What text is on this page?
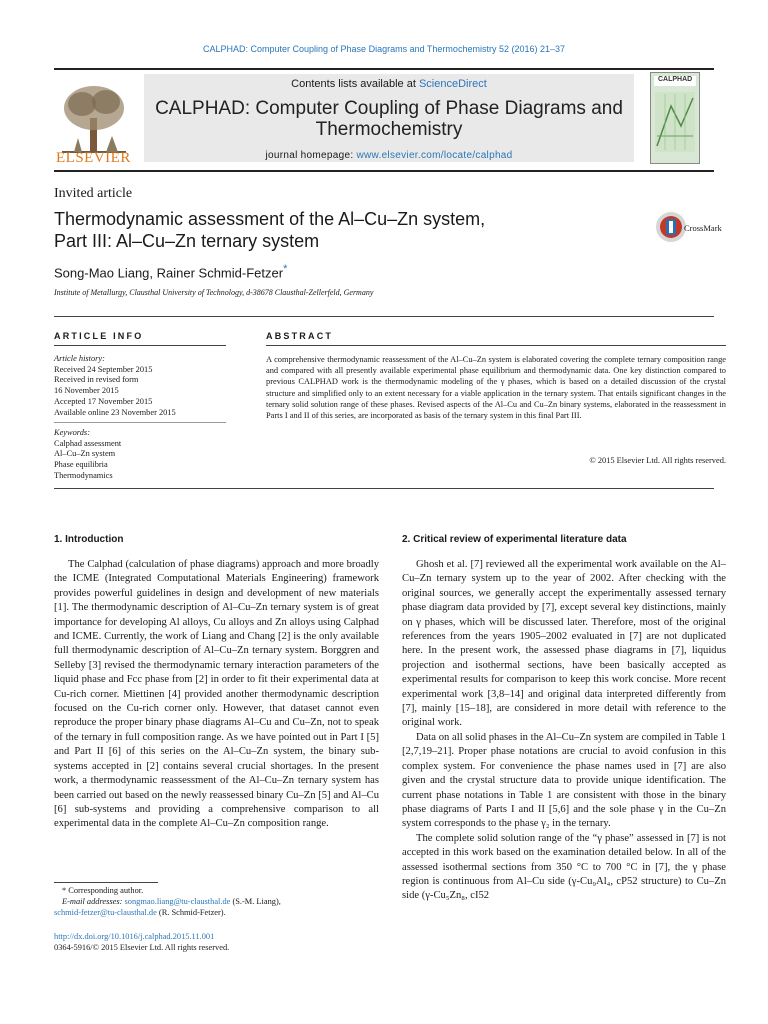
CALPHAD: Computer Coupling of Phase Diagrams and Thermochemistry 52 (2016) 21–37
ELSEVIER
Contents lists available at ScienceDirect
CALPHAD: Computer Coupling of Phase Diagrams and
Thermochemistry
journal homepage: www.elsevier.com/locate/calphad
CALPHAD
Invited article
Thermodynamic assessment of the Al–Cu–Zn system,
Part III: Al–Cu–Zn ternary system
CrossMark
Song-Mao Liang, Rainer Schmid-Fetzer*
Institute of Metallurgy, Clausthal University of Technology, d-38678 Clausthal-Zellerfeld, Germany
ARTICLE INFO
Article history:
Received 24 September 2015
Received in revised form
16 November 2015
Accepted 17 November 2015
Available online 23 November 2015
Keywords:
Calphad assessment
Al–Cu–Zn system
Phase equilibria
Thermodynamics
ABSTRACT
A comprehensive thermodynamic reassessment of the Al–Cu–Zn system is elaborated covering the complete ternary composition range and compared with all presently available experimental phase equilibrium and thermodynamic data. One key distinction compared to previous CALPHAD work is the thermodynamic modeling of the γ phases, which is based on a detailed discussion of the crystal structure and simplified only to an extent necessary for a viable application in the ternary system. That entails significant changes in the ternary solid solution range of these phases. Revised aspects of the Al–Cu and Cu–Zn binary systems, elaborated in the reassessment in Parts I and II of this series, are incorporated as basis of the ternary system in this final Part III.
© 2015 Elsevier Ltd. All rights reserved.
1. Introduction

The Calphad (calculation of phase diagrams) approach and more broadly the ICME (Integrated Computational Materials Engineering) framework provides powerful guidelines in design and development of new materials [1]. The thermodynamic description of Al–Cu–Zn ternary system is of great importance for developing Al alloys, Cu alloys and Zn alloys using Calphad and ICME. Currently, the work of Liang and Chang [2] is the only available full thermodynamic description of Al–Cu–Zn ternary system. Borggren and Selleby [3] revised the thermodynamic ternary interaction parameters of the liquid phase and Fcc phase from [2] in order to fit their experimental data at Cu-rich corner. Miettinen [4] provided another thermodynamic description focused on the Cu-rich corner only. However, that dataset cannot even reproduce the proper binary phase diagrams Al–Cu and Cu–Zn, not to speak of the ternary in full composition range. As we have pointed out in Part I [5] and Part II [6] of this series on the Al–Cu–Zn system, the binary sub-systems accepted in [2] contains several crucial shortages. In the present work, a thermodynamic reassessment of the Al–Cu–Zn ternary system has been carried out based on the newly reassessed binary Cu–Zn [5] and Al–Cu [6] sub-systems and providing a comprehensive comparison to all experimental data in the complete Al–Cu–Zn composition range.

2. Critical review of experimental literature data

Ghosh et al. [7] reviewed all the experimental work available on the Al–Cu–Zn ternary system up to the year of 2002. After checking with the original sources, we generally accept the experimentally assessed ternary phase diagram data provided by [7], except several key distinctions, mainly on γ phases, which will be discussed later. Therefore, most of the original references from the years 1905–2002 evaluated in [7] are not duplicated here. In the present work, the assessed phase diagrams in [7], liquidus projection and isothermal sections, have been basically accepted as experimental results for comparison to keep this work concise. More recent experimental work [3,8–14] and original data interpreted differently from [7], mainly [15–18], are considered in more detail with reference to the original work.

Data on all solid phases in the Al–Cu–Zn system are compiled in Table 1 [2,7,19–21]. Proper phase notations are crucial to avoid confusion in this complex system. For convenience the phase names used in [7] are also given and the crystal structure data to provide unique identification. The current phase notations in Table 1 are consistent with those in the binary phase diagrams of Parts I and II [5,6] and the sole phase γ in the Cu–Zn system corresponds to the phase γ₂ in the ternary.

The complete solid solution range of the “γ phase” assessed in [7] is not accepted in this work based on the examination detailed below. In all of the assessed isothermal sections from 350 °C to 700 °C in [7], the γ phase region is continuous from Al–Cu side (γ-Cu₉Al₄, cP52 structure) to Cu–Zn side (γ-Cu₅Zn₈, cI52

* Corresponding author.
E-mail addresses: songmao.liang@tu-clausthal.de (S.-M. Liang),
schmid-fetzer@tu-clausthal.de (R. Schmid-Fetzer).
http://dx.doi.org/10.1016/j.calphad.2015.11.001
0364-5916/© 2015 Elsevier Ltd. All rights reserved.
